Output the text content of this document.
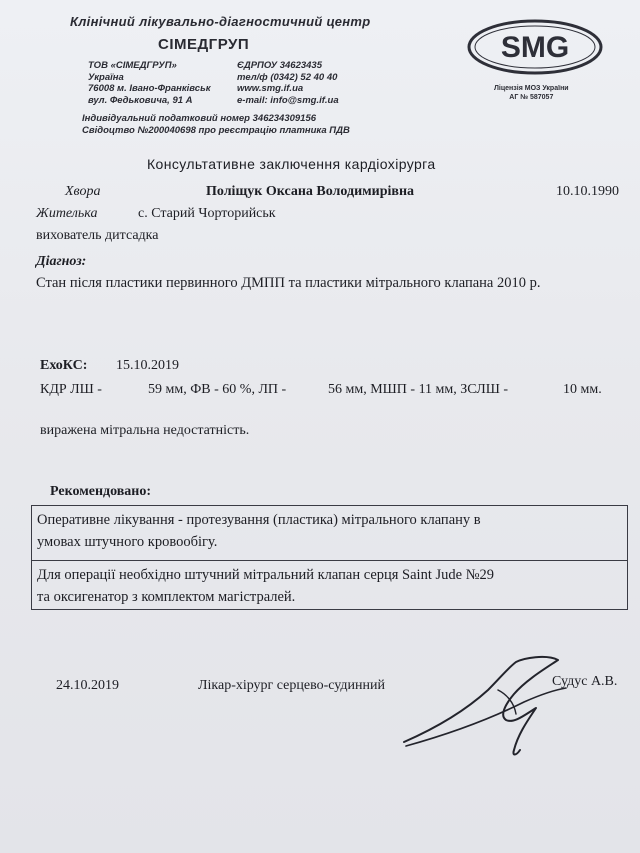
Клінічний лікувально-діагностичний центр
СІМЕДГРУП
ТОВ «СІМЕДГРУП»
Україна
76008 м. Івано-Франківськ
вул. Федьковича, 91 А
ЄДРПОУ 34623435
тел/ф (0342) 52 40 40
www.smg.if.ua
e-mail: info@smg.if.ua
Індивідуальний податковий номер 346234309156
Свідоцтво №200040698 про реєстрацію платника ПДВ
SMG
Ліцензія МОЗ України
АГ № 587057
Консультативне заключення кардіохірурга
Хвора	Поліщук Оксана Володимирівна	10.10.1990
Жителька	с. Старий Чорторийськ
вихователь дитсадка
Діагноз:
Стан після пластики первинного ДМПП та пластики мітрального клапана 2010 р.
ЕхоКС: 15.10.2019
КДР ЛШ -	59 мм, ФВ - 60 %, ЛП -	56 мм, МШП - 11 мм, ЗСЛШ -	10 мм.
виражена мітральна недостатність.
Рекомендовано:
Оперативне лікування - протезування (пластика) мітрального клапану в
умовах штучного кровообігу.
Для операції необхідно штучний мітральний клапан серця Saint Jude №29
та оксигенатор з комплектом магістралей.
24.10.2019	Лікар-хірург серцево-судинний	Судус А.В.
